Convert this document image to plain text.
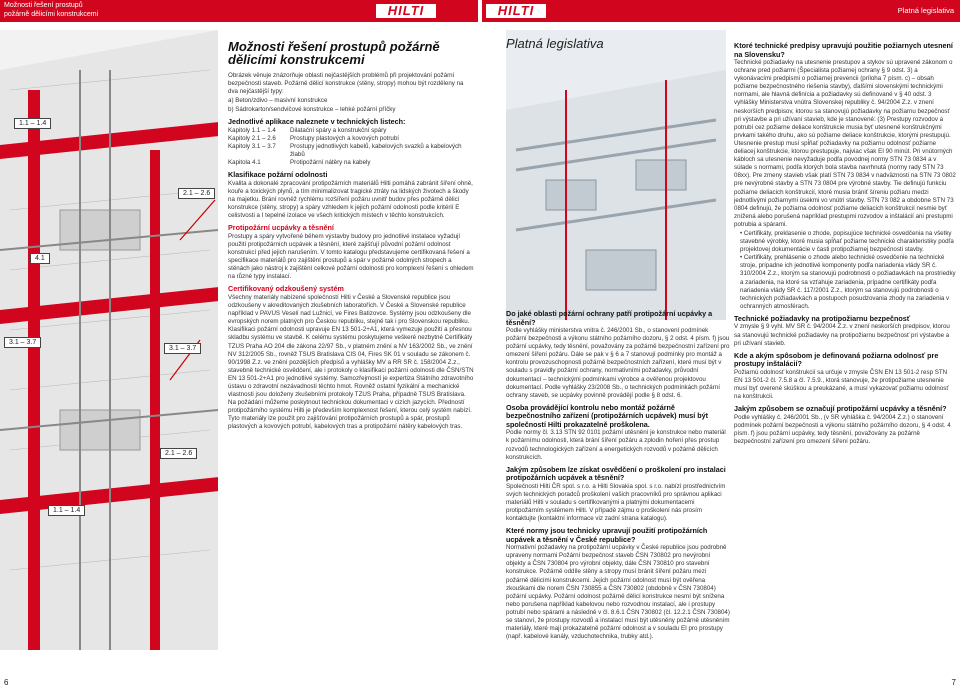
Možnosti řešení prostupů
požárně dělicími konstrukcemi	HILTI	HILTI	Platná legislativa
1.1 – 1.4
4.1
3.1 – 3.7
2.1 – 2.6
3.1 – 3.7
2.1 – 2.6
1.1 – 1.4
Možnosti řešení prostupů požárně dělicími konstrukcemi

Obrázek věnuje znázorňuje oblasti nejčastějších problémů při projektování požární bezpečnosti staveb. Požárně dělicí konstrukce (stěny, stropy) mohou být rozděleny na dva nejčastější typy:

a) Beton/zdivo – masivní konstrukce

b) Sádrokarton/sendvičové konstrukce – lehké požární příčky

Jednotlivé aplikace naleznete v technických listech:
Kapitoly 1.1 – 1.4	Dilatační spáry a konstrukční spáry
Kapitoly 2.1 – 2.6	Prostupy plastových a kovových potrubí
Kapitoly 3.1 – 3.7	Prostupy jednotlivých kabelů, kabelových svazků a kabelových žlabů
Kapitola 4.1	Protipožární nátěry na kabely
Klasifikace požární odolnosti

Kvalita a dokonalé zpracování protipožárních materiálů Hilti pomáhá zabránit šíření ohně, kouře a toxických plynů, a tím minimalizovat tragické ztráty na lidských životech a škody na majetku. Brání rovněž rychlému rozšíření požáru uvnitř budov přes požárně dělicí konstrukce (stěny, stropy) a spáry vzhledem k jejich požární odolnosti podle kritérií E celistvosti a I tepelné izolace ve všech kritických místech v těchto konstrukcích.

Protipožární ucpávky a těsnění

Prostupy a spáry vytvořené během výstavby budovy pro jednotlivé instalace vyžadují použití protipožárních ucpávek a těsnění, které zajišťují původní požární odolnost konstrukcí před jejich narušením. V tomto katalogu představujeme certifikovaná řešení a specifikace materiálů pro zajištění prostupů a spár v požárně odolných stropech a stěnách jako nástroj k zajištění celkové požární odolnosti pro komplexní řešení s ohledem na různé typy instalací.

Certifikovaný odzkoušený systém

Všechny materiály nabízené společností Hilti v České a Slovenské republice jsou odzkoušeny v akreditovaných zkušebních laboratořích. V České a Slovenské republice například v PAVUS Veselí nad Lužnicí, ve Fires Batizovce. Systémy jsou odzkoušeny dle evropských norem platných pro Českou republiku, stejně tak i pro Slovenskou republiku. Klasifikaci požární odolnosti upravuje EN 13 501-2+A1, která vymezuje použití a přesnou skladbu systému ve stavbě. K celému systému poskytujeme veškeré nezbytné Certifikáty TZUS Praha AO 204 dle zákona 22/97 Sb., v platném znění a NV 163/2002 Sb., ve znění NV 312/2005 Sb., rovněž TSUS Bratislava CIS 04, Fires SK 01 v souladu se zákonem č. 90/1998 Z.z. ve znění pozdějších předpisů a vyhlášky MV a RR SR č. 158/2004 Z.z., stavebně technické osvědčení, ale i protokoly o klasifikaci požární odolnosti dle ČSN/STN EN 13 501-2+A1 pro jednotlivé systémy. Samozřejmostí je expertiza Státního zdravotního ústavu o zdravotní nezávadnosti těchto hmot. Rovněž ostatní fyzikální a mechanické vlastnosti jsou doloženy zkušebními protokoly TZUS Praha, případně TSUS Bratislava. Na požádání můžeme poskytnout technickou dokumentaci v cizích jazycích. Předností protipožárního systému Hilti je především komplexnost řešení, kterou celý systém nabízí. Tyto materiály lze použít pro zajišťování protipožárních prostupů a spár, prostupů plastových a kovových potrubí, kabelových tras a protipožární nátěry kabelových tras.

Platná legislativa
Do jaké oblasti požární ochrany patří protipožární ucpávky a těsnění?

Podle vyhlášky ministerstva vnitra č. 246/2001 Sb., o stanovení podmínek požární bezpečnosti a výkonu státního požárního dozoru, § 2 odst. 4 písm. f) jsou požární ucpávky, tedy těsnění, považovány za požárně bezpečnostní zařízení pro omezení šíření požáru. Dále se pak v § 6 a 7 stanovují podmínky pro montáž a kontrolu provozuschopnosti požárně bezpečnostních zařízení, které musí být v souladu s pravidly požární ochrany, normativními požadavky, průvodní dokumentací – technickými podmínkami výrobce a ověřenou projektovou dokumentací. Podle vyhlášky 23/2008 Sb., o technických podmínkách požární ochrany staveb, se ucpávky povinně provádějí podle § 8 odst. 6.

Osoba provádějící kontrolu nebo montáž požárně bezpečnostního zařízení (protipožárních ucpávek) musí být společností Hilti prokazatelně proškolena.

Podle normy čl. 3.13 STN 92 0101 požární utěsnění je konstrukce nebo materiál k požárnímu odolnosti, která brání šíření požáru a zplodin hoření přes prostup rozvodů technologických zařízení a energetických rozvodů v požárně dělicích konstrukcích.

Jakým způsobem lze získat osvědčení o proškolení pro instalaci protipožárních ucpávek a těsnění?

Společnosti Hilti ČR spol. s r.o. a Hilti Slovakia spol. s r.o. nabízí prostřednictvím svých technických poradců proškolení vašich pracovníků pro správnou aplikaci materiálů Hilti v souladu s certifikovanými a platnými dokumentacemi protipožárním systémem Hilti. V případě zájmu o proškolení nás prosím kontaktujte (kontaktní informace viz zadní strana katalogu).

Které normy jsou technicky upravují použití protipožárních ucpávek a těsnění v České republice?

Normativní požadavky na protipožární ucpávky v České republice jsou podrobně upraveny normami Požární bezpečnost staveb ČSN 730802 pro nevýrobní objekty a ČSN 730804 pro výrobní objekty, dále ČSN 730810 pro stavební konstrukce. Požárně oddíle stěny a stropy musí bránit šíření požáru mezi požárně dělicími konstrukcemi. Jejich požární odolnost musí být ověřena zkouškami dle norem ČSN 730855 a ČSN 730802 (obdobně v ČSN 730804) požární ucpávky. Požární odolnost požárně dělicí konstrukce nesmí být snížena nebo porušena například kabelovou nebo rozvodnou instalací, ale i prostupy potrubí nebo spárami a následně v čl. 8.6.1 ČSN 730802 (čl. 12.2.1 ČSN 730804) se stanoví, že prostupy rozvodů a instalací musí být utěsněny požárně utěsněním materiály, které mají prokazatelně požární odolnost a v souladu EI pro prostupy (např. kabelové kanály, vzduchotechnika, trubky atd.).

Ktoré technické predpisy upravujú použitie požiarnych utesnení na Slovensku?

Technické požiadavky na utesnenie prestupov a stykov sú upravené zákonom o ochrane pred požiarmi (Špecialista požiarnej ochrany § 9 odst. 3) a vykonávacími predpismi o požiarnej prevencii (príloha 7 písm. c) – obsah požiarne bezpečnostného riešenia stavby), ďalšími slovenskými technickými normami, ale hlavná definícia a požiadavky sú definované v § 40 odst. 3 vyhlášky Ministerstva vnútra Slovenskej republiky č. 94/2004 Z.z. v znení neskorších predpisov, ktorou sa stanovujú požiadavky na požiarnu bezpečnosť pri výstavbe a pri užívaní stavieb, kde je stanovené: (3) Prestupy rozvodov a potrubí cez požiarne deliace konštrukcie musia byť utesnené konštrukčnými prvkami takého druhu, ako sú požiarne deliace konštrukcie, ktorými prestupujú. Utesnenie prestup musí spĺňať požiadavky na požiarnu odolnosť požiarne deliacej konštrukcie, ktorou prestupuje, najviac však EI 90 minút. Pri vnútorných kábloch sa utesnenie nevyžaduje podľa povodnej normy STN 73 0834 a v súlade s normami, podľa ktorých bola stavba navrhnutá (normy rady STN 73 08xx). Pre zmeny stavieb však platí STN 73 0834 v nadväznosti na STN 73 0802 pre nevýrobné stavby a STN 73 0804 pre výrobné stavby. Tie definujú funkciu požiarne deliacich konštrukcií, ktoré musia brániť šíreniu požiaru medzi jednotlivými požiarnymi úsekmi vo vnútri stavby. STN 73 082 a obdobne STN 73 0804 definujú, že požiarna odolnosť požiarne deliacich konštrukcií nesmie byť znížená alebo porušená napríklad prestupmi rozvodov a inštalácií ani prestupmi potrubia a spárami.

• Certifikáty, preklasenie o zhode, popisujúce technické osvedčenia na všetky stavebné výrobky, ktoré musia spĺňať požiarne technické charakteristiky podľa projektovej dokumentácie v časti protipožiarnej bezpečnosti stavby.
• Certifikáty, prehlásenie o zhode alebo technické osvedčenie na technické stroje, prípadne ich jednotlivé komponenty podľa nariadenia vlády SR č. 310/2004 Z.z., ktorým sa stanovujú podrobnosti o požiadavkách na prostriedky a zariadenia, na ktoré sa vzťahuje zariadenia, prípadne certifikáty podľa nariadenia vlády SR č. 117/2001 Z.z., ktorým sa stanovujú podrobnosti o technických požiadavkách a postupoch posudzovania zhody na zariadenia v ochranných atmosférach.
Technické požiadavky na protipožiarnu bezpečnosť

V zmysle § 9 vyhl. MV SR č. 94/2004 Z.z. v znení neskorších predpisov, ktorou sa stanovujú technické požiadavky na protipožiarnu bezpečnosť pri výstavbe a pri užívaní stavieb.

Kde a akým spôsobom je definovaná požiarna odolnosť pre prostupy inštalácií?

Požiarnú odolnosť konštrukcií sa určuje v zmysle ČSN EN 13 501-2 resp STN EN 13 501-2 čl. 7.5.8 a čl. 7.5.9., ktorá stanovuje, že protipožiarne utesnenie musí byť overené skúškou a preukázané, a musí vykazovať požiarnu odolnosť na konštrukcii.

Jakým způsobem se označují protipožární ucpávky a těsnění?

Podle vyhlášky č. 246/2001 Sb., (v SR vyhláška č. 94/2004 Z.z.) o stanovení podmínek požární bezpečnosti a výkonu státního požárního dozoru, § 4 odst. 4 písm. f) jsou požární ucpávky, tedy těsnění, považovány za požárně bezpečnostní zařízení pro omezení šíření požáru.

6	7
